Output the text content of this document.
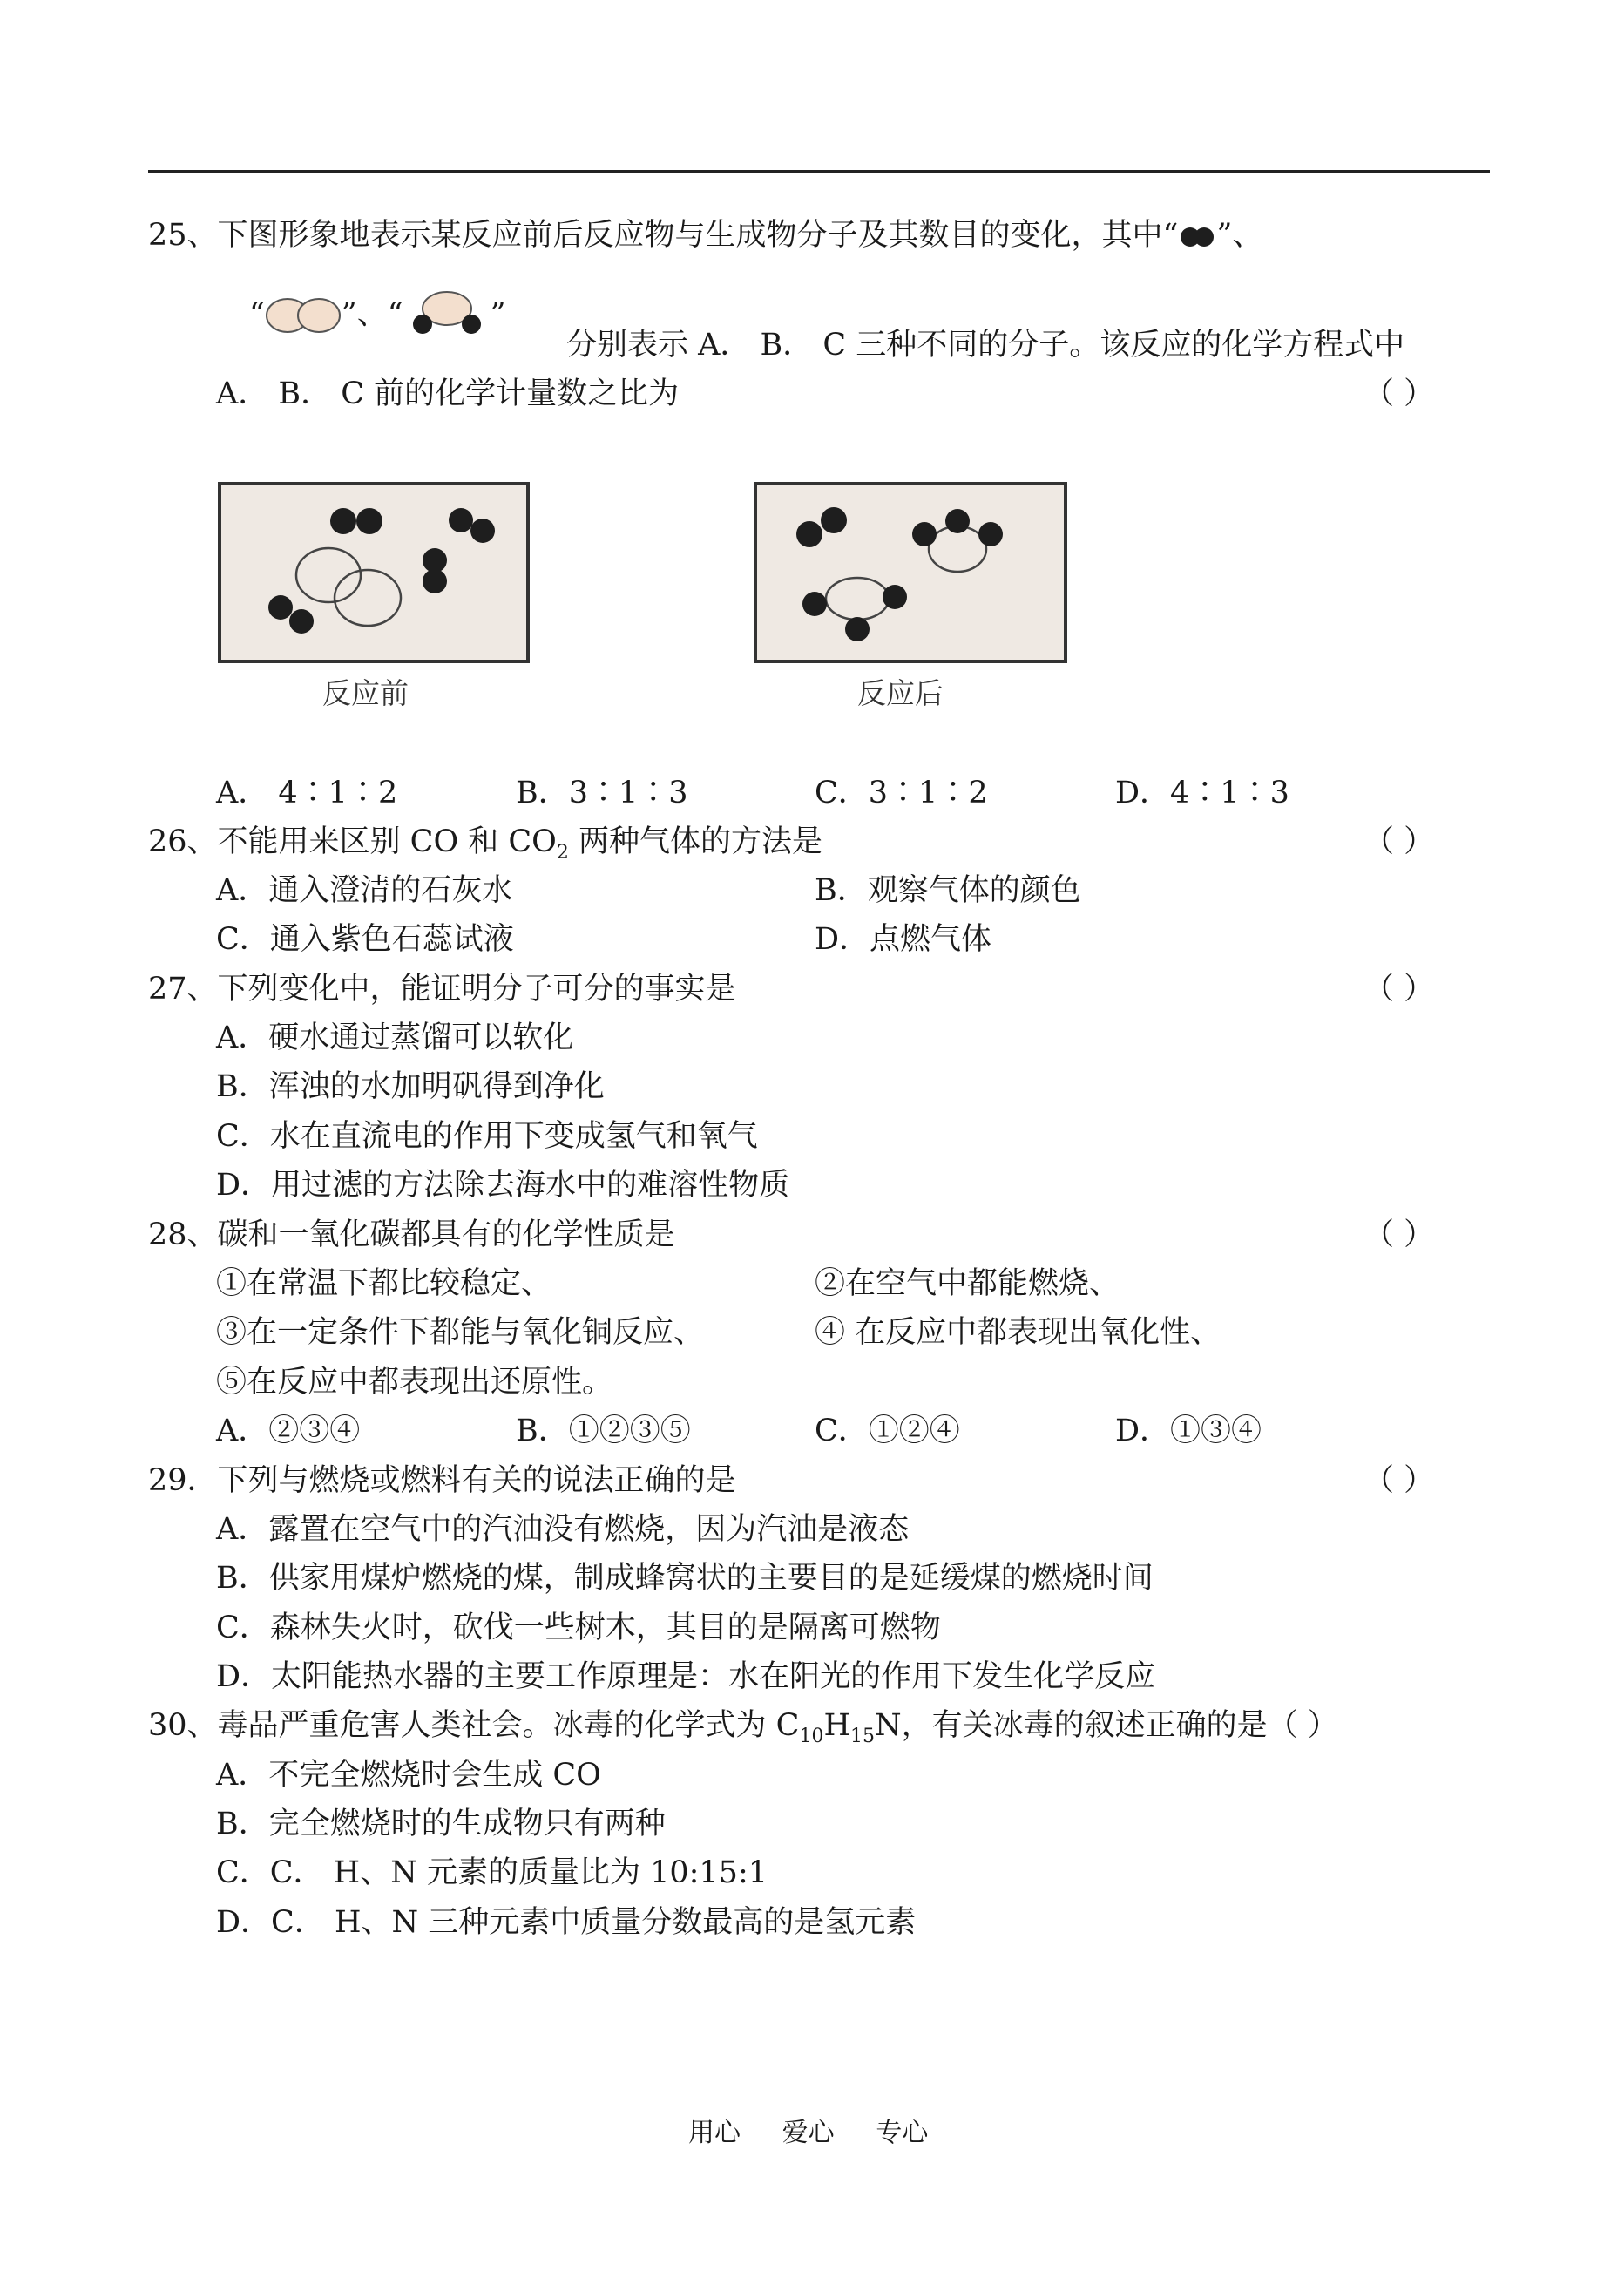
25、下图形象地表示某反应前后反应物与生成物分子及其数目的变化，其中“ ”、
“	”、“	”
分别表示 A． B． C 三种不同的分子。该反应的化学方程式中
A． B． C 前的化学计量数之比为	（ ）
反应前	反应后
A． 4∶1∶2	B．3∶1∶3	C．3∶1∶2	D．4∶1∶3
26、不能用来区别 CO 和 $CO_2$ 两种气体的方法是	（ ）
A．通入澄清的石灰水	B．观察气体的颜色
C．通入紫色石蕊试液	D．点燃气体
27、下列变化中，能证明分子可分的事实是	（ ）
A．硬水通过蒸馏可以软化
B．浑浊的水加明矾得到净化
C．水在直流电的作用下变成氢气和氧气
D．用过滤的方法除去海水中的难溶性物质
28、碳和一氧化碳都具有的化学性质是	（ ）
①在常温下都比较稳定、	②在空气中都能燃烧、
③在一定条件下都能与氧化铜反应、	④ 在反应中都表现出氧化性、
⑤在反应中都表现出还原性。
A．②③④	B．①②③⑤	C．①②④	D．①③④
29．下列与燃烧或燃料有关的说法正确的是	（ ）
A．露置在空气中的汽油没有燃烧，因为汽油是液态
B．供家用煤炉燃烧的煤，制成蜂窝状的主要目的是延缓煤的燃烧时间
C．森林失火时，砍伐一些树木，其目的是隔离可燃物
D．太阳能热水器的主要工作原理是：水在阳光的作用下发生化学反应
30、毒品严重危害人类社会。冰毒的化学式为 $C_{10}H_{15}N$，有关冰毒的叙述正确的是（ ）
A．不完全燃烧时会生成 CO
B．完全燃烧时的生成物只有两种
C．C． H、N 元素的质量比为 10:15:1
D．C． H、N 三种元素中质量分数最高的是氢元素
用心     爱心     专心
